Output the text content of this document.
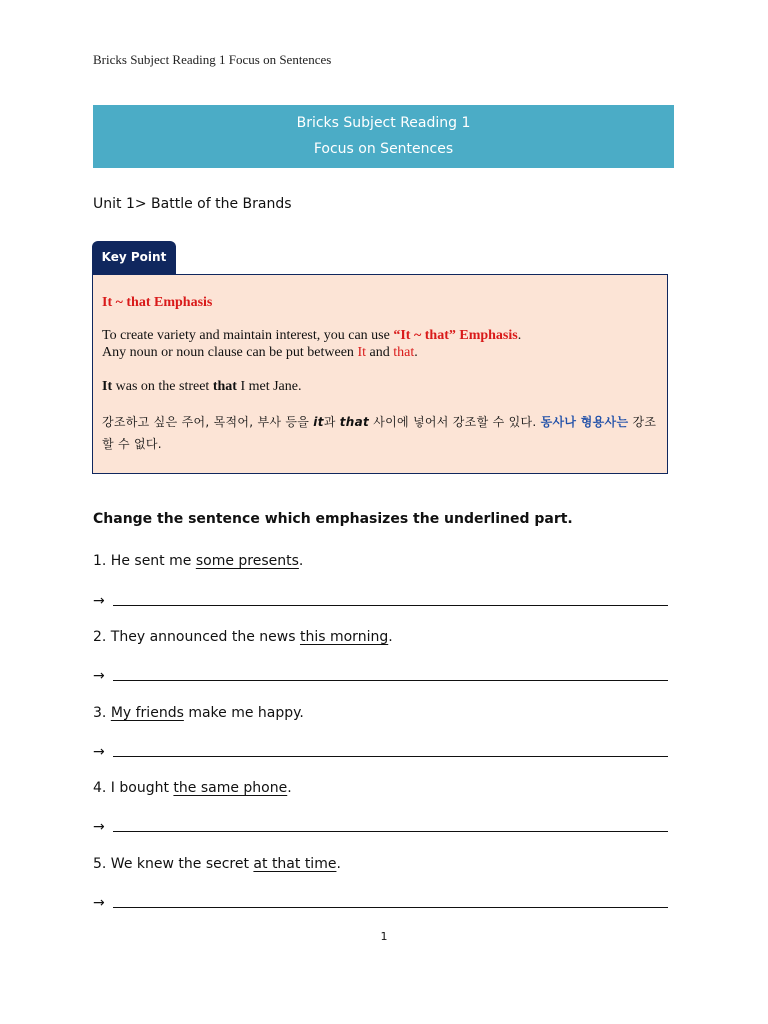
Bricks Subject Reading 1 Focus on Sentences
Bricks Subject Reading 1
Focus on Sentences
Unit 1> Battle of the Brands
Key Point

It ~ that Emphasis

To create variety and maintain interest, you can use “It ~ that” Emphasis.

Any noun or noun clause can be put between It and that.

It was on the street that I met Jane.

강조하고 싶은 주어, 목적어, 부사 등을 it과 that 사이에 넣어서 강조할 수 있다. 동사나 형용사는 강조할 수 없다.

Change the sentence which emphasizes the underlined part.
1. He sent me some presents.
→
2. They announced the news this morning.
→
3. My friends make me happy.
→
4. I bought the same phone.
→
5. We knew the secret at that time.
→
1
